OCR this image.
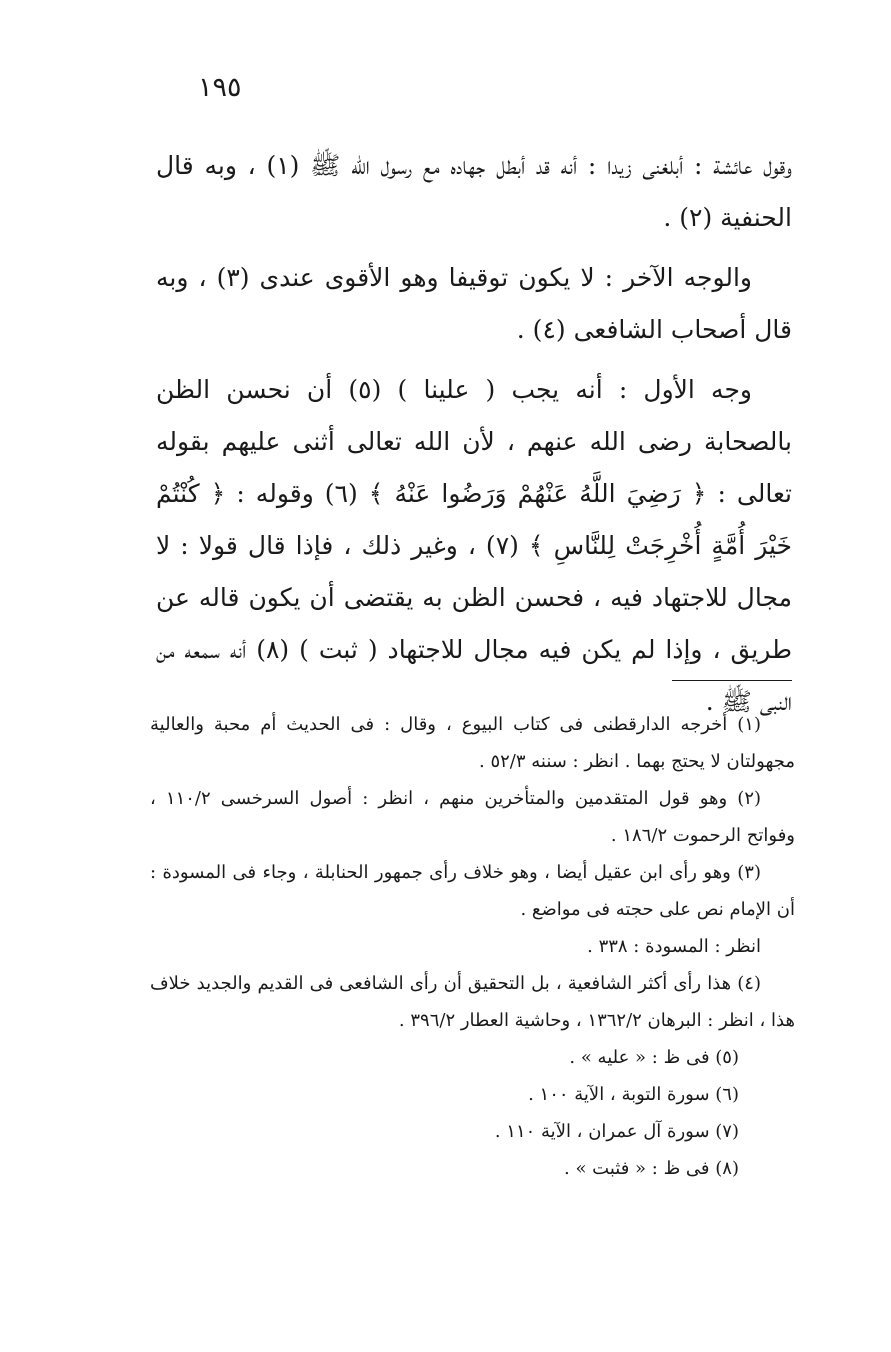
١٩٥

وقول عائشة : أبلغنى زيدا : أنه قد أبطل جهاده مع رسول الله ﷺ (١) ، وبه قال الحنفية (٢) .

والوجه الآخر : لا يكون توقيفا وهو الأقوى عندى (٣) ، وبه قال أصحاب الشافعى (٤) .

وجه الأول : أنه يجب ( علينا ) (٥) أن نحسن الظن بالصحابة رضى الله عنهم ، لأن الله تعالى أثنى عليهم بقوله تعالى : ﴿ رَضِيَ اللَّهُ عَنْهُمْ وَرَضُوا عَنْهُ ﴾ (٦) وقوله : ﴿ كُنْتُمْ خَيْرَ أُمَّةٍ أُخْرِجَتْ لِلنَّاسِ ﴾ (٧) ، وغير ذلك ، فإذا قال قولا : لا مجال للاجتهاد فيه ، فحسن الظن به يقتضى أن يكون قاله عن طريق ، وإذا لم يكن فيه مجال للاجتهاد ( ثبت ) (٨) أنه سمعه من النبى ﷺ .

(١) أخرجه الدارقطنى فى كتاب البيوع ، وقال : فى الحديث أم محبة والعالية مجهولتان لا يحتج بهما . انظر : سننه ٥٢/٣ .

(٢) وهو قول المتقدمين والمتأخرين منهم ، انظر : أصول السرخسى ١١٠/٢ ، وفواتح الرحموت ١٨٦/٢ .

(٣) وهو رأى ابن عقيل أيضا ، وهو خلاف رأى جمهور الحنابلة ، وجاء فى المسودة : أن الإمام نص على حجته فى مواضع .

انظر : المسودة : ٣٣٨ .

(٤) هذا رأى أكثر الشافعية ، بل التحقيق أن رأى الشافعى فى القديم والجديد خلاف هذا ، انظر : البرهان ١٣٦٢/٢ ، وحاشية العطار ٣٩٦/٢ .

(٥) فى ظ : « عليه » .

(٦) سورة التوبة ، الآية ١٠٠ .

(٧) سورة آل عمران ، الآية ١١٠ .

(٨) فى ظ : « فثبت » .
